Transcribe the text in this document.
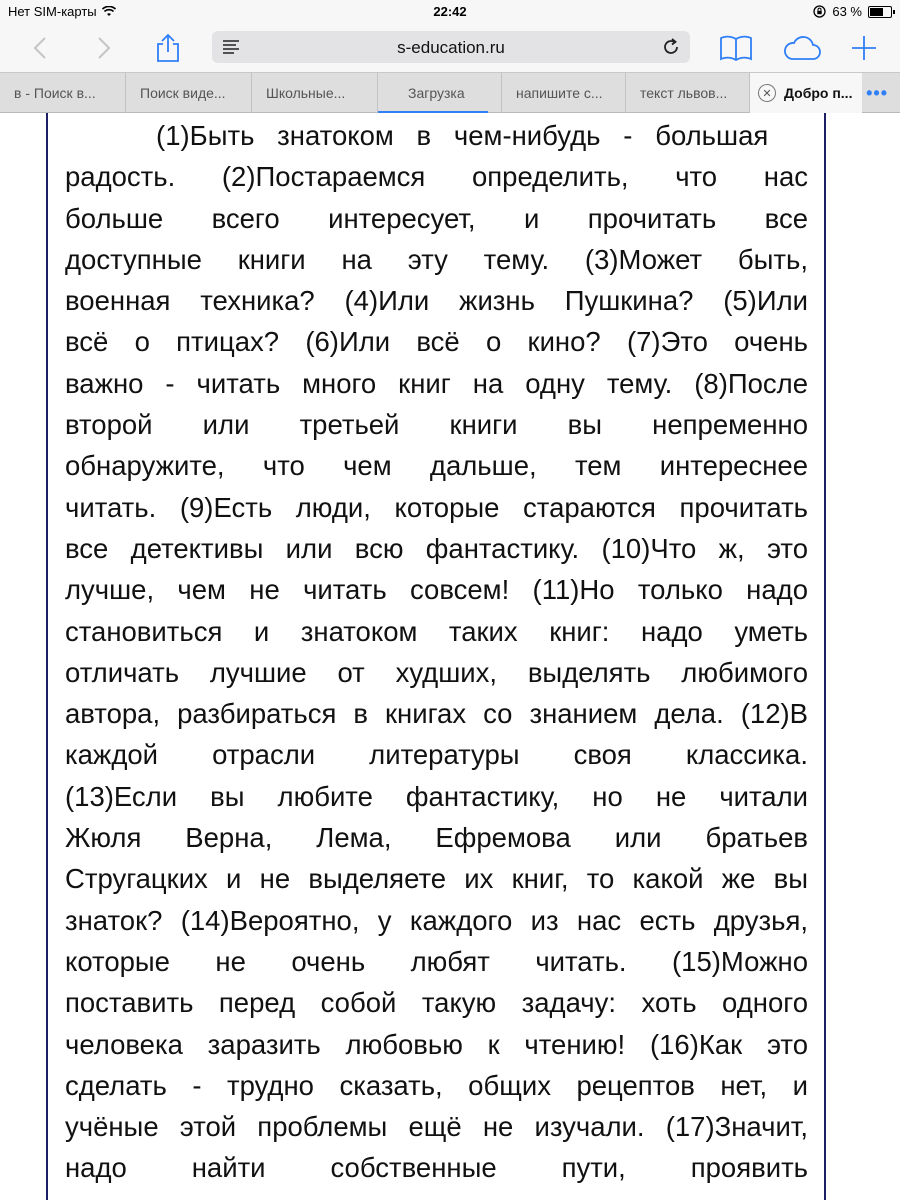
Нет SIM-карты	22:42	63 %
s-education.ru
в - Поиск в...	Поиск виде...	Школьные...	Загрузка	напишите с...	текст львов...	✕ Добро п... •••
(1)Быть знатоком в чем-нибудь - большая
радость. (2)Постараемся определить, что нас
больше всего интересует, и прочитать все
доступные книги на эту тему. (3)Может быть,
военная техника? (4)Или жизнь Пушкина? (5)Или
всё о птицах? (6)Или всё о кино? (7)Это очень
важно - читать много книг на одну тему. (8)После
второй или третьей книги вы непременно
обнаружите, что чем дальше, тем интереснее
читать. (9)Есть люди, которые стараются прочитать
все детективы или всю фантастику. (10)Что ж, это
лучше, чем не читать совсем! (11)Но только надо
становиться и знатоком таких книг: надо уметь
отличать лучшие от худших, выделять любимого
автора, разбираться в книгах со знанием дела. (12)В
каждой отрасли литературы своя классика.
(13)Если вы любите фантастику, но не читали
Жюля Верна, Лема, Ефремова или братьев
Стругацких и не выделяете их книг, то какой же вы
знаток? (14)Вероятно, у каждого из нас есть друзья,
которые не очень любят читать. (15)Можно
поставить перед собой такую задачу: хоть одного
человека заразить любовью к чтению! (16)Как это
сделать - трудно сказать, общих рецептов нет, и
учёные этой проблемы ещё не изучали. (17)Значит,
надо найти собственные пути, проявить
